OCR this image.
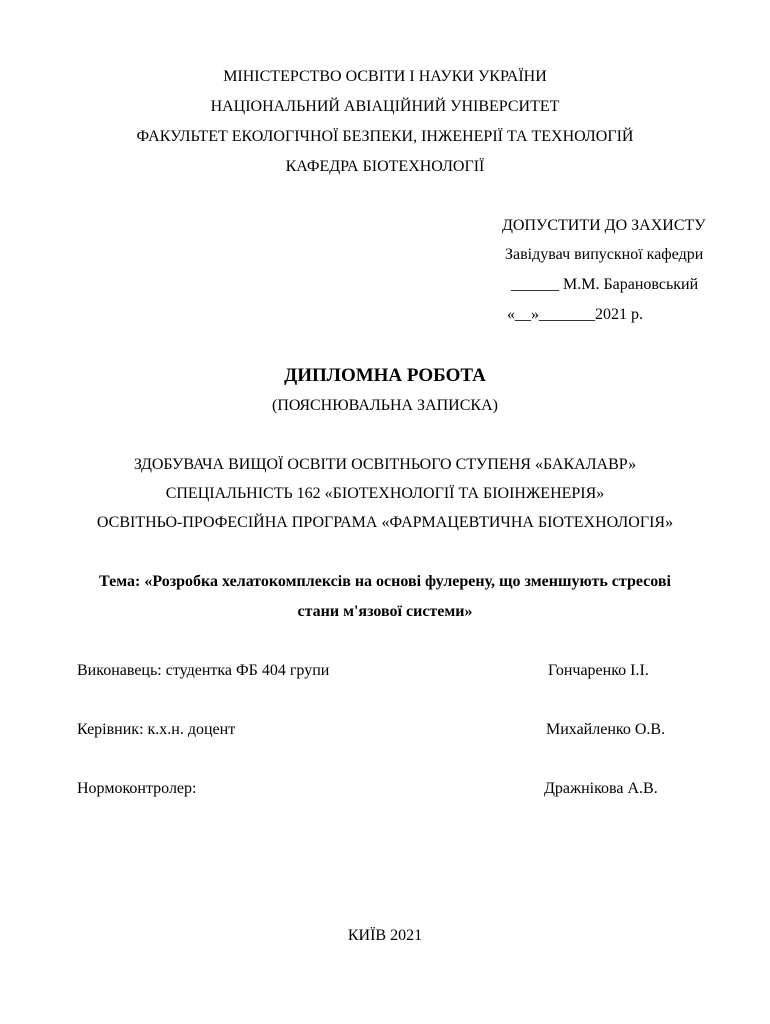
МІНІСТЕРСТВО ОСВІТИ І НАУКИ УКРАЇНИ
НАЦІОНАЛЬНИЙ АВІАЦІЙНИЙ УНІВЕРСИТЕТ
ФАКУЛЬТЕТ ЕКОЛОГІЧНОЇ БЕЗПЕКИ, ІНЖЕНЕРІЇ ТА ТЕХНОЛОГІЙ
КАФЕДРА БІОТЕХНОЛОГІЇ
ДОПУСТИТИ ДО ЗАХИСТУ
Завідувач випускної кафедри
______ М.М. Барановський
«__»_______2021 р.
ДИПЛОМНА РОБОТА
(ПОЯСНЮВАЛЬНА ЗАПИСКА)
ЗДОБУВАЧА ВИЩОЇ ОСВІТИ ОСВІТНЬОГО СТУПЕНЯ «БАКАЛАВР»
СПЕЦІАЛЬНІСТЬ 162 «БІОТЕХНОЛОГІЇ ТА БІОІНЖЕНЕРІЯ»
ОСВІТНЬО-ПРОФЕСІЙНА ПРОГРАМА «ФАРМАЦЕВТИЧНА БІОТЕХНОЛОГІЯ»
Тема: «Розробка хелатокомплексів на основі фулерену, що зменшують стресові
стани м'язової системи»
Виконавець: студентка ФБ 404 групи	Гончаренко І.І.
Керівник: к.х.н. доцент	Михайленко О.В.
Нормоконтролер:	Дражнікова А.В.
КИЇВ 2021
